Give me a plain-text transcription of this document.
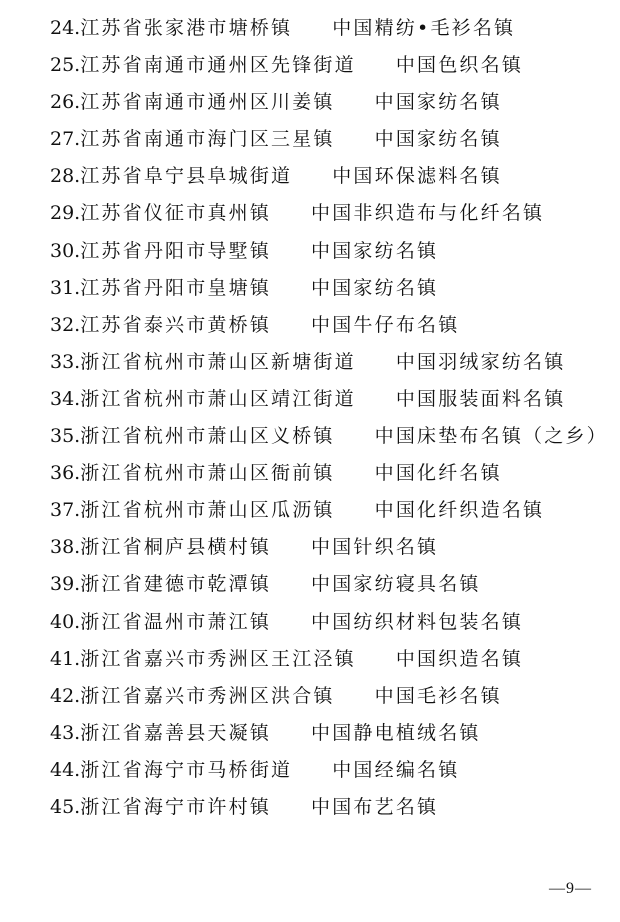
24.江苏省张家港市塘桥镇 中国精纺•毛衫名镇
25.江苏省南通市通州区先锋街道 中国色织名镇
26.江苏省南通市通州区川姜镇 中国家纺名镇
27.江苏省南通市海门区三星镇 中国家纺名镇
28.江苏省阜宁县阜城街道 中国环保滤料名镇
29.江苏省仪征市真州镇 中国非织造布与化纤名镇
30.江苏省丹阳市导墅镇 中国家纺名镇
31.江苏省丹阳市皇塘镇 中国家纺名镇
32.江苏省泰兴市黄桥镇 中国牛仔布名镇
33.浙江省杭州市萧山区新塘街道 中国羽绒家纺名镇
34.浙江省杭州市萧山区靖江街道 中国服装面料名镇
35.浙江省杭州市萧山区义桥镇 中国床垫布名镇（之乡）
36.浙江省杭州市萧山区衙前镇 中国化纤名镇
37.浙江省杭州市萧山区瓜沥镇 中国化纤织造名镇
38.浙江省桐庐县横村镇 中国针织名镇
39.浙江省建德市乾潭镇 中国家纺寝具名镇
40.浙江省温州市萧江镇 中国纺织材料包装名镇
41.浙江省嘉兴市秀洲区王江泾镇 中国织造名镇
42.浙江省嘉兴市秀洲区洪合镇 中国毛衫名镇
43.浙江省嘉善县天凝镇 中国静电植绒名镇
44.浙江省海宁市马桥街道 中国经编名镇
45.浙江省海宁市许村镇 中国布艺名镇
—9—
